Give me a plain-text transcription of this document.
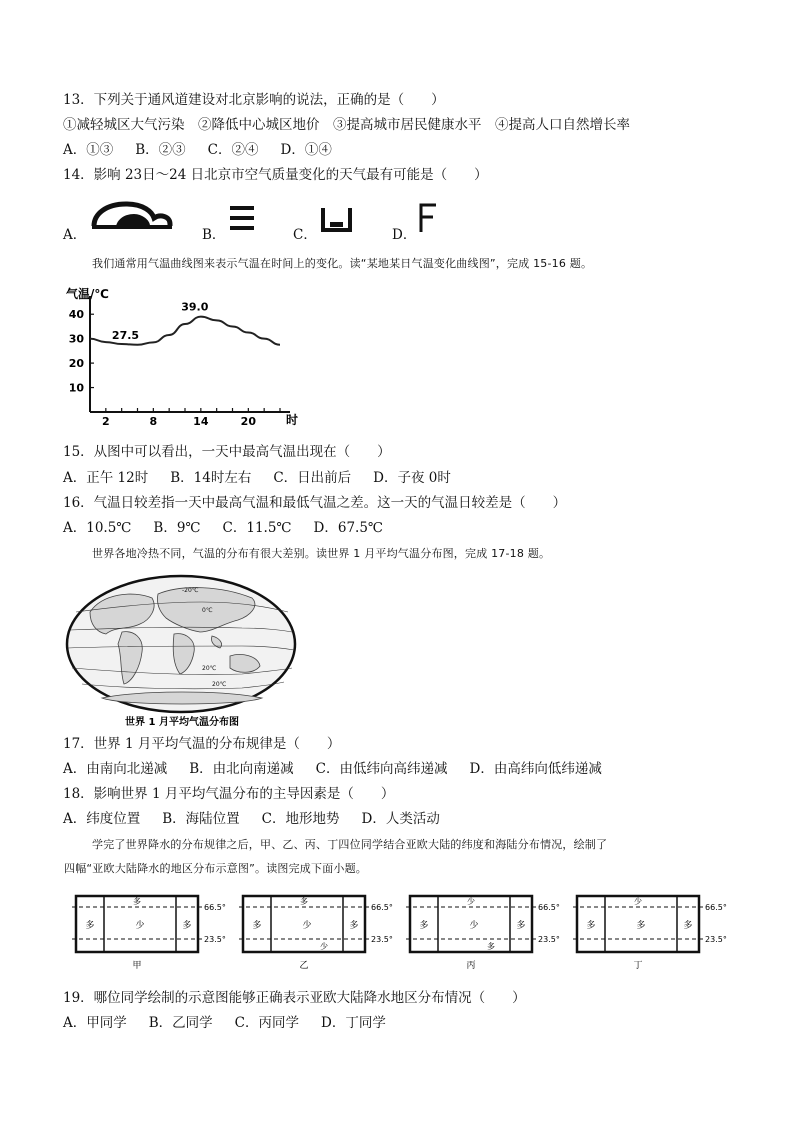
13．下列关于通风道建设对北京影响的说法，正确的是（　　）
①减轻城区大气污染　②降低中心城区地价　③提高城市居民健康水平　④提高人口自然增长率
A．①③ B．②③ C．②④ D．①④
14．影响 23日～24 日北京市空气质量变化的天气最有可能是（　　）
A．	B．	C．	D．
我们通常用气温曲线图来表示气温在时间上的变化。读“某地某日气温变化曲线图”，完成 15-16 题。
气温/℃
时
2	8	14	20
40
30
20
10
27.5
39.0
15．从图中可以看出，一天中最高气温出现在（　　）
A．正午 12时 B．14时左右 C．日出前后 D．子夜 0时
16．气温日较差指一天中最高气温和最低气温之差。这一天的气温日较差是（　　）
A．10.5℃ B．9℃ C．11.5℃ D．67.5℃
世界各地冷热不同，气温的分布有很大差别。读世界 1 月平均气温分布图，完成 17-18 题。
-20℃
0℃
20℃
20℃
世界 1 月平均气温分布图
17．世界 1 月平均气温的分布规律是（　　）
A．由南向北递减 B．由北向南递减 C．由低纬向高纬递减 D．由高纬向低纬递减
18．影响世界 1 月平均气温分布的主导因素是（　　）
A．纬度位置 B．海陆位置 C．地形地势 D．人类活动
学完了世界降水的分布规律之后，甲、乙、丙、丁四位同学结合亚欧大陆的纬度和海陆分布情况，绘制了
四幅“亚欧大陆降水的地区分布示意图”。读图完成下面小题。
多
多	少	多
66.5°
23.5°
甲
多
多	少	多
少
66.5°
23.5°
乙
少
多	少	多
多
66.5°
23.5°
丙
少
多	多	多
66.5°
23.5°
丁
19．哪位同学绘制的示意图能够正确表示亚欧大陆降水地区分布情况（　　）
A．甲同学 B．乙同学 C．丙同学 D．丁同学
